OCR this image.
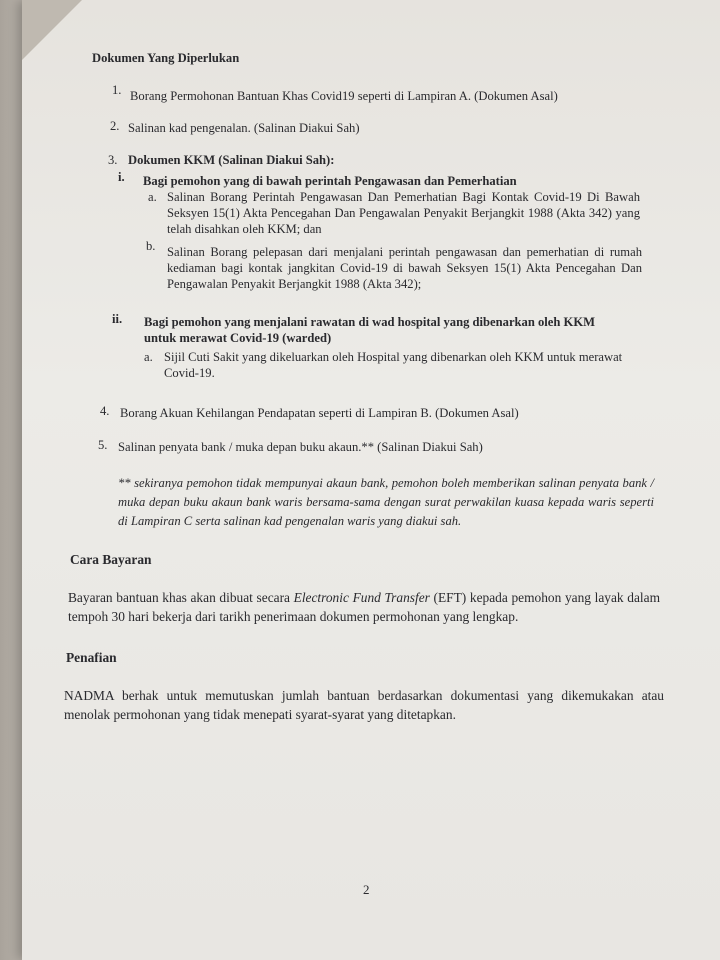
Dokumen Yang Diperlukan
1. Borang Permohonan Bantuan Khas Covid19 seperti di Lampiran A. (Dokumen Asal)
2. Salinan kad pengenalan. (Salinan Diakui Sah)
3. Dokumen KKM (Salinan Diakui Sah):
i. Bagi pemohon yang di bawah perintah Pengawasan dan Pemerhatian
a. Salinan Borang Perintah Pengawasan Dan Pemerhatian Bagi Kontak Covid-19 Di Bawah Seksyen 15(1) Akta Pencegahan Dan Pengawalan Penyakit Berjangkit 1988 (Akta 342) yang telah disahkan oleh KKM; dan
b. Salinan Borang pelepasan dari menjalani perintah pengawasan dan pemerhatian di rumah kediaman bagi kontak jangkitan Covid-19 di bawah Seksyen 15(1) Akta Pencegahan Dan Pengawalan Penyakit Berjangkit 1988 (Akta 342);
ii. Bagi pemohon yang menjalani rawatan di wad hospital yang dibenarkan oleh KKM
untuk merawat Covid-19 (warded)
a. Sijil Cuti Sakit yang dikeluarkan oleh Hospital yang dibenarkan oleh KKM untuk merawat Covid-19.
4. Borang Akuan Kehilangan Pendapatan seperti di Lampiran B. (Dokumen Asal)
5. Salinan penyata bank / muka depan buku akaun.** (Salinan Diakui Sah)
** sekiranya pemohon tidak mempunyai akaun bank, pemohon boleh memberikan salinan penyata bank / muka depan buku akaun bank waris bersama-sama dengan surat perwakilan kuasa kepada waris seperti di Lampiran C serta salinan kad pengenalan waris yang diakui sah.
Cara Bayaran
Bayaran bantuan khas akan dibuat secara Electronic Fund Transfer (EFT) kepada pemohon yang layak dalam tempoh 30 hari bekerja dari tarikh penerimaan dokumen permohonan yang lengkap.
Penafian
NADMA berhak untuk memutuskan jumlah bantuan berdasarkan dokumentasi yang dikemukakan atau menolak permohonan yang tidak menepati syarat-syarat yang ditetapkan.
2
